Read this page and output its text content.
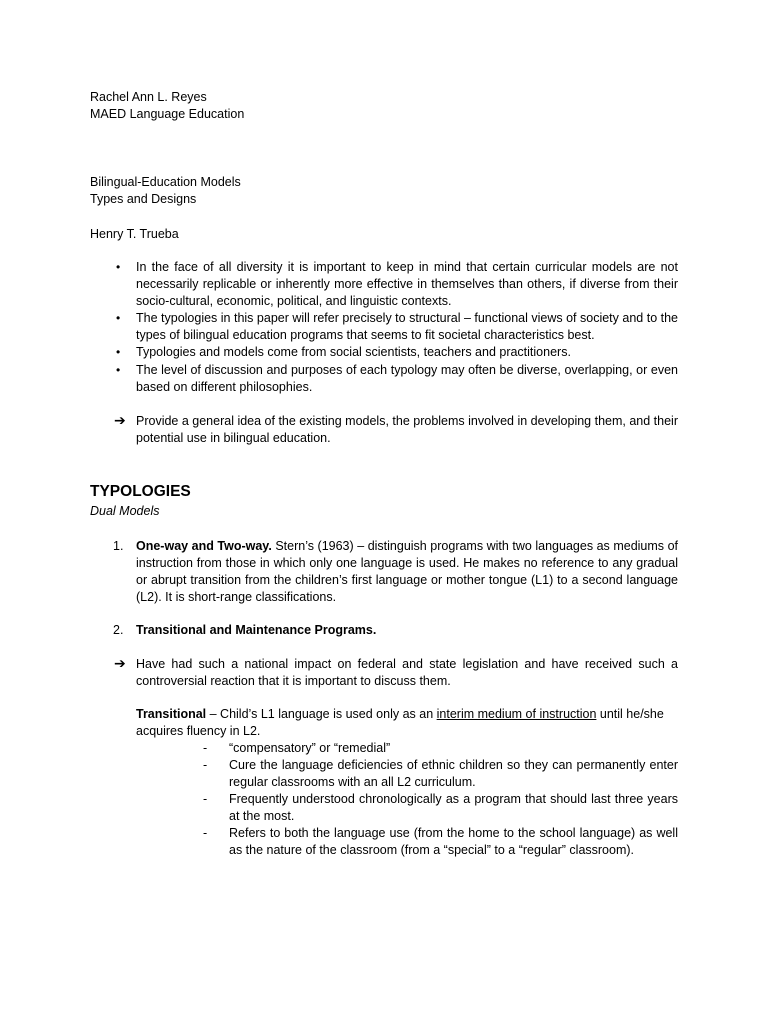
Rachel Ann L. Reyes
MAED Language Education
Bilingual-Education Models
Types and Designs
Henry T. Trueba
• In the face of all diversity it is important to keep in mind that certain curricular models are not necessarily replicable or inherently more effective in themselves than others, if diverse from their socio-cultural, economic, political, and linguistic contexts.
• The typologies in this paper will refer precisely to structural – functional views of society and to the types of bilingual education programs that seems to fit societal characteristics best.
• Typologies and models come from social scientists, teachers and practitioners.
• The level of discussion and purposes of each typology may often be diverse, overlapping, or even based on different philosophies.
➔ Provide a general idea of the existing models, the problems involved in developing them, and their potential use in bilingual education.
TYPOLOGIES
Dual Models
1. One-way and Two-way. Stern’s (1963) – distinguish programs with two languages as mediums of instruction from those in which only one language is used. He makes no reference to any gradual or abrupt transition from the children’s first language or mother tongue (L1) to a second language (L2). It is short-range classifications.
2. Transitional and Maintenance Programs.
➔ Have had such a national impact on federal and state legislation and have received such a controversial reaction that it is important to discuss them.
Transitional – Child’s L1 language is used only as an interim medium of instruction until he/she acquires fluency in L2.
- “compensatory” or “remedial”
- Cure the language deficiencies of ethnic children so they can permanently enter regular classrooms with an all L2 curriculum.
- Frequently understood chronologically as a program that should last three years at the most.
- Refers to both the language use (from the home to the school language) as well as the nature of the classroom (from a “special” to a “regular” classroom).
